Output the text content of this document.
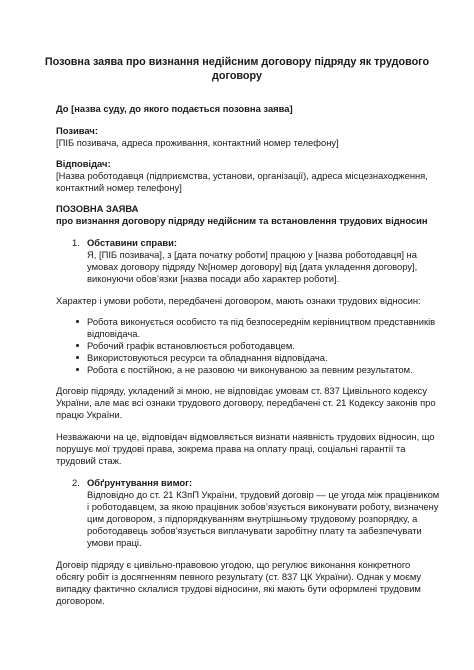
Позовна заява про визнання недійсним договору підряду як трудового
договору
До [назва суду, до якого подається позовна заява]
Позивач:
[ПІБ позивача, адреса проживання, контактний номер телефону]
Відповідач:
[Назва роботодавця (підприємства, установи, організації), адреса місцезнаходження,
контактний номер телефону]
ПОЗОВНА ЗАЯВА
про визнання договору підряду недійсним та встановлення трудових відносин
1. Обставини справи:
Я, [ПІБ позивача], з [дата початку роботи] працюю у [назва роботодавця] на
умовах договору підряду №[номер договору] від [дата укладення договору],
виконуючи обов’язки [назва посади або характер роботи].
Характер і умови роботи, передбачені договором, мають ознаки трудових відносин:
Робота виконується особисто та під безпосереднім керівництвом представників
відповідача.
Робочий графік встановлюється роботодавцем.
Використовуються ресурси та обладнання відповідача.
Робота є постійною, а не разовою чи виконуваною за певним результатом.
Договір підряду, укладений зі мною, не відповідає умовам ст. 837 Цивільного кодексу
України, але має всі ознаки трудового договору, передбачені ст. 21 Кодексу законів про
працю України.
Незважаючи на це, відповідач відмовляється визнати наявність трудових відносин, що
порушує мої трудові права, зокрема права на оплату праці, соціальні гарантії та
трудовий стаж.
2. Обґрунтування вимог:
Відповідно до ст. 21 КЗпП України, трудовий договір — це угода між працівником
і роботодавцем, за якою працівник зобов’язується виконувати роботу, визначену
цим договором, з підпорядкуванням внутрішньому трудовому розпорядку, а
роботодавець зобов’язується виплачувати заробітну плату та забезпечувати
умови праці.
Договір підряду є цивільно-правовою угодою, що регулює виконання конкретного
обсягу робіт із досягненням певного результату (ст. 837 ЦК України). Однак у моєму
випадку фактично склалися трудові відносини, які мають бути оформлені трудовим
договором.
